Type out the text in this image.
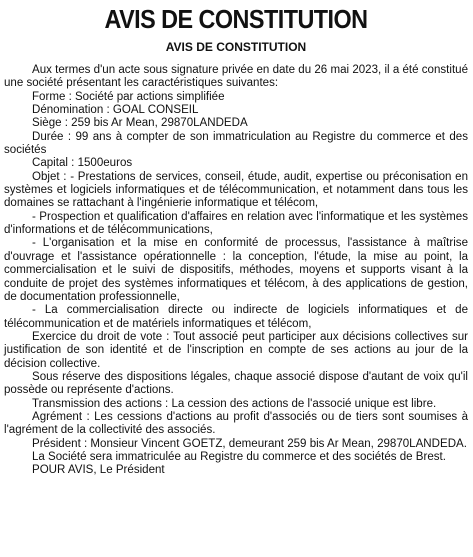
AVIS DE CONSTITUTION
AVIS DE CONSTITUTION

Aux termes d'un acte sous signature privée en date du 26 mai 2023, il a été constitué une société présentant les caractéristiques suivantes:

Forme : Société par actions simplifiée

Dénomination : GOAL CONSEIL

Siège : 259 bis Ar Mean, 29870LANDEDA

Durée : 99 ans à compter de son immatriculation au Registre du commerce et des sociétés

Capital : 1500euros

Objet : - Prestations de services, conseil, étude, audit, expertise ou préconisation en systèmes et logiciels informatiques et de télécommunication, et notamment dans tous les domaines se rattachant à l'ingénierie informatique et télécom,

- Prospection et qualification d'affaires en relation avec l'informatique et les systèmes d'informations et de télécommunications,

- L'organisation et la mise en conformité de processus, l'assistance à maîtrise d'ouvrage et l'assistance opérationnelle : la conception, l'étude, la mise au point, la commercialisation et le suivi de dispositifs, méthodes, moyens et supports visant à la conduite de projet des systèmes informatiques et télécom, à des applications de gestion, de documentation professionnelle,

- La commercialisation directe ou indirecte de logiciels informatiques et de télécommunication et de matériels informatiques et télécom,

Exercice du droit de vote : Tout associé peut participer aux décisions collectives sur justification de son identité et de l'inscription en compte de ses actions au jour de la décision collective.

Sous réserve des dispositions légales, chaque associé dispose d'autant de voix qu'il possède ou représente d'actions.

Transmission des actions : La cession des actions de l'associé unique est libre.

Agrément : Les cessions d'actions au profit d'associés ou de tiers sont soumises à l'agrément de la collectivité des associés.

Président : Monsieur Vincent GOETZ, demeurant 259 bis Ar Mean, 29870LANDEDA.

La Société sera immatriculée au Registre du commerce et des sociétés de Brest.

POUR AVIS, Le Président
